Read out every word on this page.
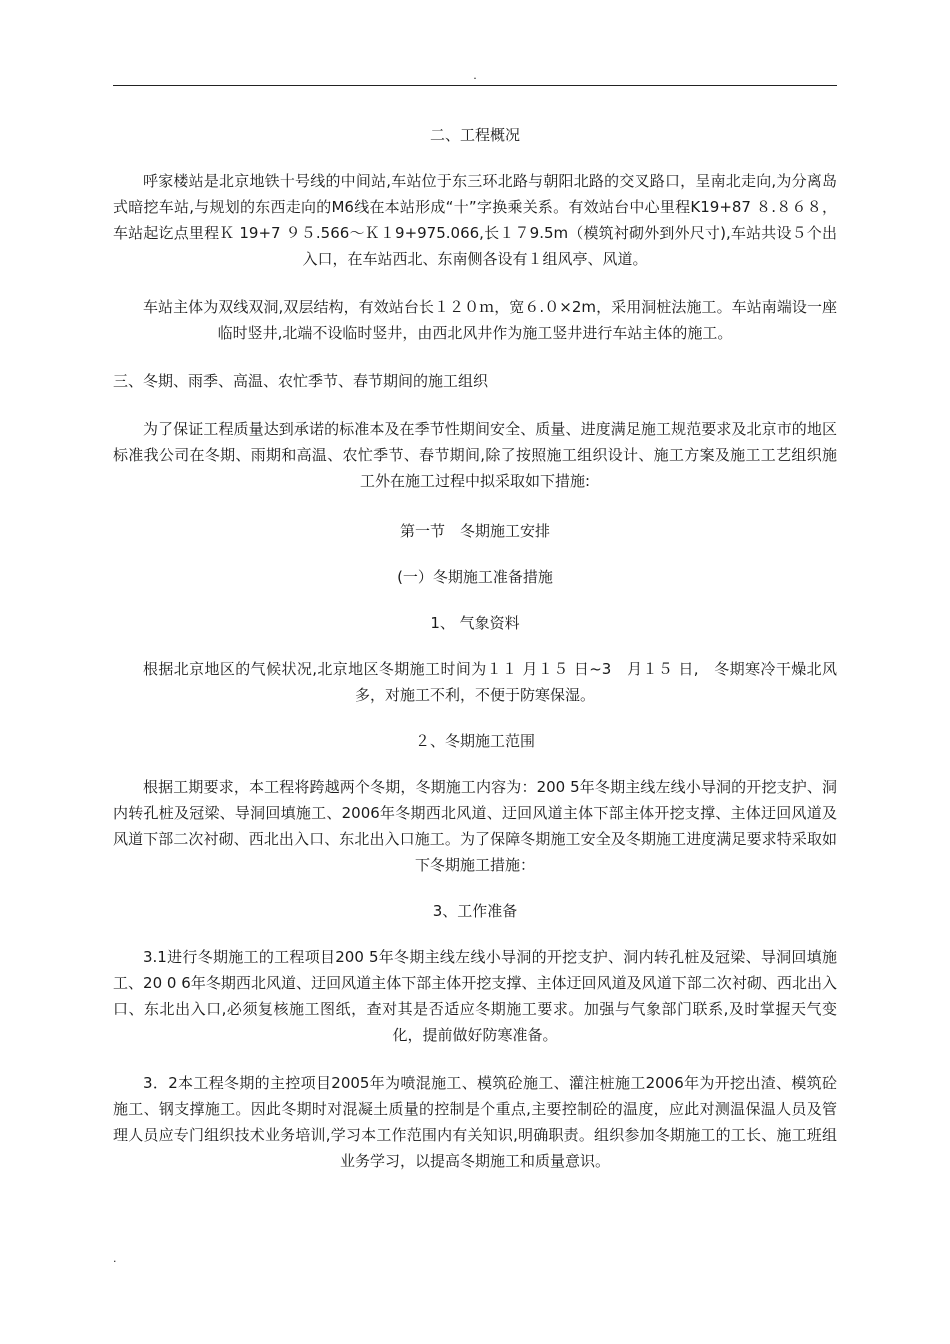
.

二、工程概况

呼家楼站是北京地铁十号线的中间站,车站位于东三环北路与朝阳北路的交叉路口，呈南北走向,为分离岛式暗挖车站,与规划的东西走向的M6线在本站形成“十”字换乘关系。有效站台中心里程K19+87 ８.８６８，车站起讫点里程Ｋ 19+7 ９５.566～Ｋ１9+975.066,长１７9.5m（模筑衬砌外到外尺寸),车站共设５个出入口，在车站西北、东南侧各设有１组风亭、风道。

车站主体为双线双洞,双层结构，有效站台长１２０ｍ，宽６.０×2m，采用洞桩法施工。车站南端设一座临时竖井,北端不设临时竖井，由西北风井作为施工竖井进行车站主体的施工。

三、冬期、雨季、高温、农忙季节、春节期间的施工组织

为了保证工程质量达到承诺的标准本及在季节性期间安全、质量、进度满足施工规范要求及北京市的地区标准我公司在冬期、雨期和高温、农忙季节、春节期间,除了按照施工组织设计、施工方案及施工工艺组织施工外在施工过程中拟采取如下措施:

第一节　冬期施工安排

(一）冬期施工准备措施

1、 气象资料

根据北京地区的气候状况,北京地区冬期施工时间为１１ 月１５ 日~3　月１５ 日,　冬期寒冷干燥北风多，对施工不利，不便于防寒保湿。

２、冬期施工范围

根据工期要求，本工程将跨越两个冬期，冬期施工内容为：200 5年冬期主线左线小导洞的开挖支护、洞内转孔桩及冠梁、导洞回填施工、2006年冬期西北风道、迂回风道主体下部主体开挖支撑、主体迂回风道及风道下部二次衬砌、西北出入口、东北出入口施工。为了保障冬期施工安全及冬期施工进度满足要求特采取如下冬期施工措施：

3、工作准备

3.1进行冬期施工的工程项目200 5年冬期主线左线小导洞的开挖支护、洞内转孔桩及冠梁、导洞回填施工、20 0 6年冬期西北风道、迂回风道主体下部主体开挖支撑、主体迂回风道及风道下部二次衬砌、西北出入口、东北出入口,必须复核施工图纸，查对其是否适应冬期施工要求。加强与气象部门联系,及时掌握天气变化，提前做好防寒准备。

3．2本工程冬期的主控项目2005年为喷混施工、模筑砼施工、灌注桩施工2006年为开挖出渣、模筑砼施工、钢支撑施工。因此冬期时对混凝土质量的控制是个重点,主要控制砼的温度，应此对测温保温人员及管理人员应专门组织技术业务培训,学习本工作范围内有关知识,明确职责。组织参加冬期施工的工长、施工班组业务学习，以提高冬期施工和质量意识。

.
